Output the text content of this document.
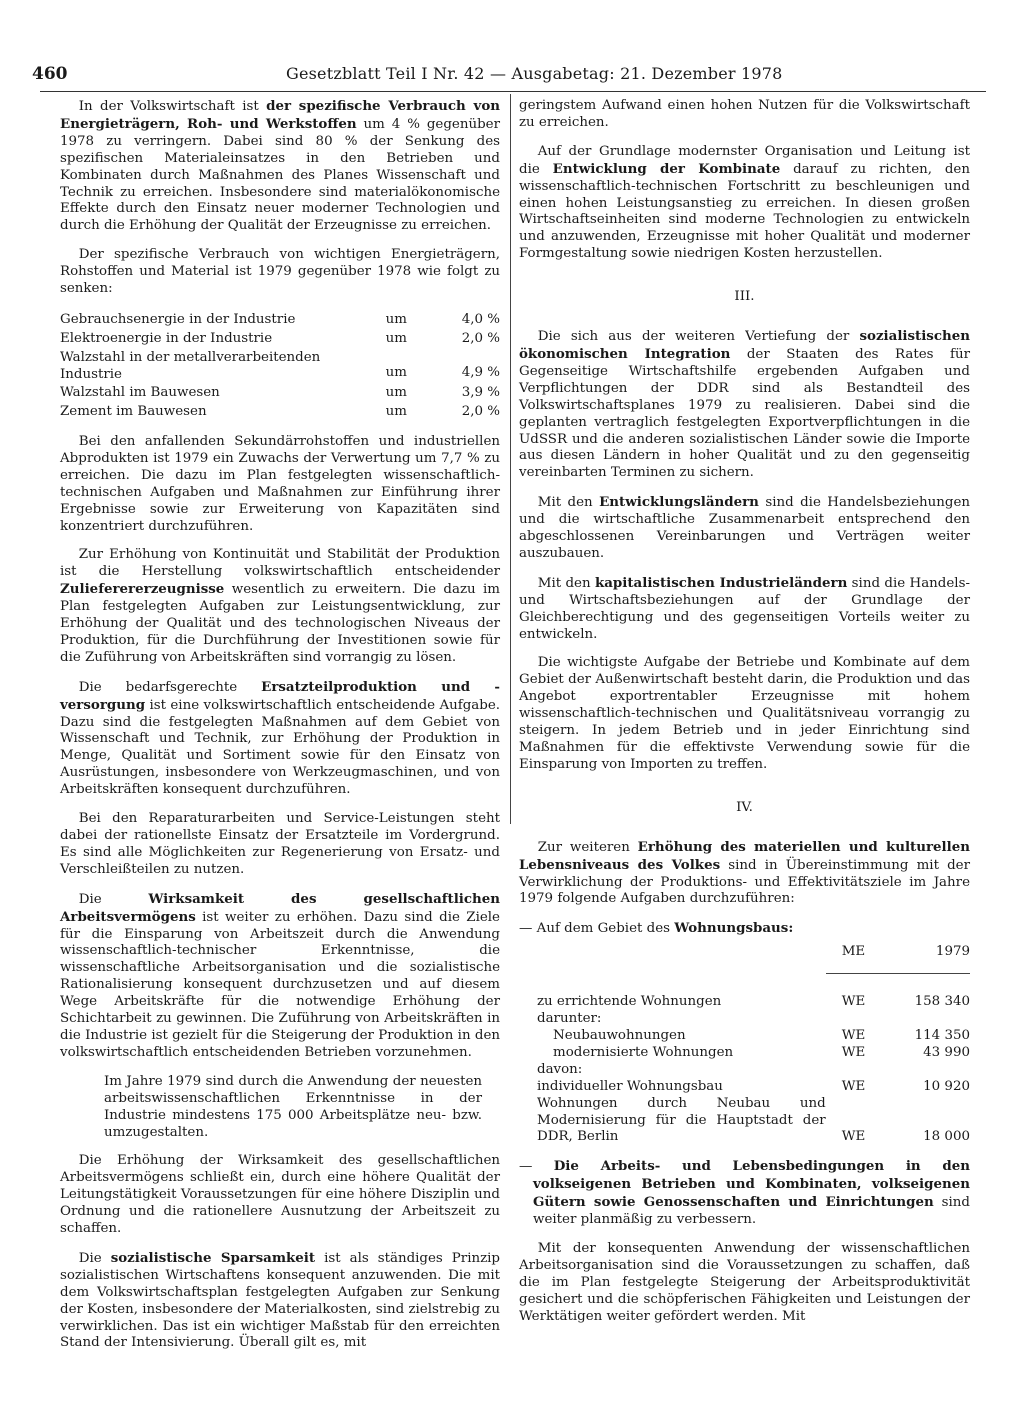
460	Gesetzblatt Teil I Nr. 42 — Ausgabetag: 21. Dezember 1978

In der Volkswirtschaft ist der spezifische Verbrauch von Energieträgern, Roh- und Werkstoffen um 4 % gegenüber 1978 zu verringern. Dabei sind 80 % der Senkung des spezifischen Materialeinsatzes in den Betrieben und Kombinaten durch Maßnahmen des Planes Wissenschaft und Technik zu erreichen. Insbesondere sind materialökonomische Effekte durch den Einsatz neuer moderner Technologien und durch die Erhöhung der Qualität der Erzeugnisse zu erreichen.

Der spezifische Verbrauch von wichtigen Energieträgern, Rohstoffen und Material ist 1979 gegenüber 1978 wie folgt zu senken:

Gebrauchsenergie in der Industrie	um	4,0 %
Elektroenergie in der Industrie	um	2,0 %
Walzstahl in der metallverarbeitenden Industrie	um	4,9 %
Walzstahl im Bauwesen	um	3,9 %
Zement im Bauwesen	um	2,0 %

Bei den anfallenden Sekundärrohstoffen und industriellen Abprodukten ist 1979 ein Zuwachs der Verwertung um 7,7 % zu erreichen. Die dazu im Plan festgelegten wissenschaftlich-technischen Aufgaben und Maßnahmen zur Einführung ihrer Ergebnisse sowie zur Erweiterung von Kapazitäten sind konzentriert durchzuführen.

Zur Erhöhung von Kontinuität und Stabilität der Produktion ist die Herstellung volkswirtschaftlich entscheidender Zulieferererzeugnisse wesentlich zu erweitern. Die dazu im Plan festgelegten Aufgaben zur Leistungsentwicklung, zur Erhöhung der Qualität und des technologischen Niveaus der Produktion, für die Durchführung der Investitionen sowie für die Zuführung von Arbeitskräften sind vorrangig zu lösen.

Die bedarfsgerechte Ersatzteilproduktion und -versorgung ist eine volkswirtschaftlich entscheidende Aufgabe. Dazu sind die festgelegten Maßnahmen auf dem Gebiet von Wissenschaft und Technik, zur Erhöhung der Produktion in Menge, Qualität und Sortiment sowie für den Einsatz von Ausrüstungen, insbesondere von Werkzeugmaschinen, und von Arbeitskräften konsequent durchzuführen.

Bei den Reparaturarbeiten und Service-Leistungen steht dabei der rationellste Einsatz der Ersatzteile im Vordergrund. Es sind alle Möglichkeiten zur Regenerierung von Ersatz- und Verschleißteilen zu nutzen.

Die Wirksamkeit des gesellschaftlichen Arbeitsvermögens ist weiter zu erhöhen. Dazu sind die Ziele für die Einsparung von Arbeitszeit durch die Anwendung wissenschaftlich-technischer Erkenntnisse, die wissenschaftliche Arbeitsorganisation und die sozialistische Rationalisierung konsequent durchzusetzen und auf diesem Wege Arbeitskräfte für die notwendige Erhöhung der Schichtarbeit zu gewinnen. Die Zuführung von Arbeitskräften in die Industrie ist gezielt für die Steigerung der Produktion in den volkswirtschaftlich entscheidenden Betrieben vorzunehmen.

Im Jahre 1979 sind durch die Anwendung der neuesten arbeitswissenschaftlichen Erkenntnisse in der Industrie mindestens 175 000 Arbeitsplätze neu- bzw. umzugestalten.

Die Erhöhung der Wirksamkeit des gesellschaftlichen Arbeitsvermögens schließt ein, durch eine höhere Qualität der Leitungstätigkeit Voraussetzungen für eine höhere Disziplin und Ordnung und die rationellere Ausnutzung der Arbeitszeit zu schaffen.

Die sozialistische Sparsamkeit ist als ständiges Prinzip sozialistischen Wirtschaftens konsequent anzuwenden. Die mit dem Volkswirtschaftsplan festgelegten Aufgaben zur Senkung der Kosten, insbesondere der Materialkosten, sind zielstrebig zu verwirklichen. Das ist ein wichtiger Maßstab für den erreichten Stand der Intensivierung. Überall gilt es, mit

geringstem Aufwand einen hohen Nutzen für die Volkswirtschaft zu erreichen.

Auf der Grundlage modernster Organisation und Leitung ist die Entwicklung der Kombinate darauf zu richten, den wissenschaftlich-technischen Fortschritt zu beschleunigen und einen hohen Leistungsanstieg zu erreichen. In diesen großen Wirtschaftseinheiten sind moderne Technologien zu entwickeln und anzuwenden, Erzeugnisse mit hoher Qualität und moderner Formgestaltung sowie niedrigen Kosten herzustellen.

III.

Die sich aus der weiteren Vertiefung der sozialistischen ökonomischen Integration der Staaten des Rates für Gegenseitige Wirtschaftshilfe ergebenden Aufgaben und Verpflichtungen der DDR sind als Bestandteil des Volkswirtschaftsplanes 1979 zu realisieren. Dabei sind die geplanten vertraglich festgelegten Exportverpflichtungen in die UdSSR und die anderen sozialistischen Länder sowie die Importe aus diesen Ländern in hoher Qualität und zu den gegenseitig vereinbarten Terminen zu sichern.

Mit den Entwicklungsländern sind die Handelsbeziehungen und die wirtschaftliche Zusammenarbeit entsprechend den abgeschlossenen Vereinbarungen und Verträgen weiter auszubauen.

Mit den kapitalistischen Industrieländern sind die Handels- und Wirtschaftsbeziehungen auf der Grundlage der Gleichberechtigung und des gegenseitigen Vorteils weiter zu entwickeln.

Die wichtigste Aufgabe der Betriebe und Kombinate auf dem Gebiet der Außenwirtschaft besteht darin, die Produktion und das Angebot exportrentabler Erzeugnisse mit hohem wissenschaftlich-technischen und Qualitätsniveau vorrangig zu steigern. In jedem Betrieb und in jeder Einrichtung sind Maßnahmen für die effektivste Verwendung sowie für die Einsparung von Importen zu treffen.

IV.

Zur weiteren Erhöhung des materiellen und kulturellen Lebensniveaus des Volkes sind in Übereinstimmung mit der Verwirklichung der Produktions- und Effektivitätsziele im Jahre 1979 folgende Aufgaben durchzuführen:

— Auf dem Gebiet des Wohnungsbaus:

	ME	1979

zu errichtende Wohnungen	WE	158 340
darunter:		
Neubauwohnungen	WE	114 350
modernisierte Wohnungen	WE	43 990
davon:		
individueller Wohnungsbau	WE	10 920
Wohnungen durch Neubau und Modernisierung für die Hauptstadt der DDR, Berlin	WE	18 000

— Die Arbeits- und Lebensbedingungen in den volkseigenen Betrieben und Kombinaten, volkseigenen Gütern sowie Genossenschaften und Einrichtungen sind weiter planmäßig zu verbessern.

Mit der konsequenten Anwendung der wissenschaftlichen Arbeitsorganisation sind die Voraussetzungen zu schaffen, daß die im Plan festgelegte Steigerung der Arbeitsproduktivität gesichert und die schöpferischen Fähigkeiten und Leistungen der Werktätigen weiter gefördert werden. Mit
